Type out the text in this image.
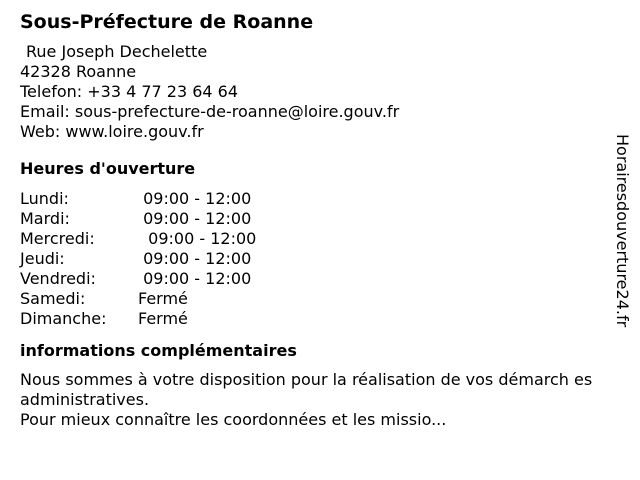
Sous-Préfecture de Roanne
Rue Joseph Dechelette
42328 Roanne
Telefon: +33 4 77 23 64 64
Email: sous-prefecture-de-roanne@loire.gouv.fr
Web: www.loire.gouv.fr
Heures d'ouverture
Lundi:	09:00 - 12:00
Mardi:	09:00 - 12:00
Mercredi:	09:00 - 12:00
Jeudi:	09:00 - 12:00
Vendredi:	09:00 - 12:00
Samedi:	Fermé
Dimanche:	Fermé
informations complémentaires

Nous sommes à votre disposition pour la réalisation de vos démarch es administratives.

Pour mieux connaître les coordonnées et les missio...

Horairesdouverture24.fr
